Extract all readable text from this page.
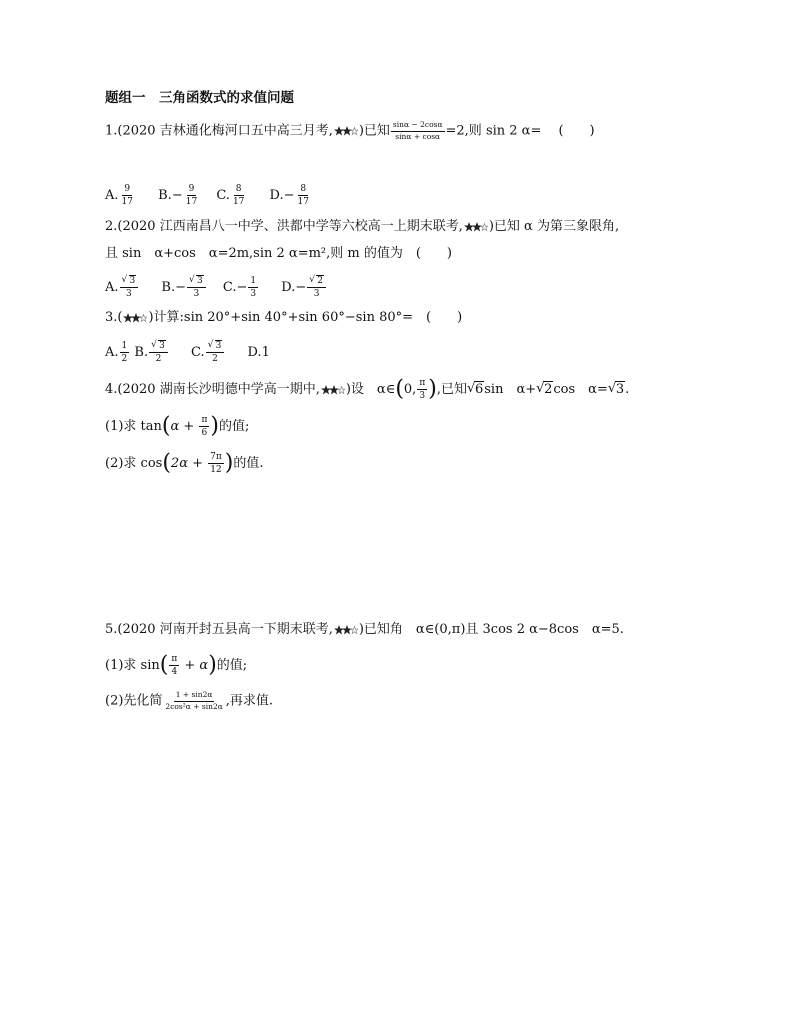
题组一　三角函数式的求值问题
1.(2020 吉林通化梅河口五中高三月考, )已知 $\frac{\sin\alpha - 2\cos\alpha}{\sin\alpha + \cos\alpha} =2$,则 sin 2 α=　 (　　)
A. $\frac{9}{17} B.- \frac{9}{17} C$. $\frac{8}{17} D.- \frac{8}{17}$
2.(2020 江西南昌八一中学、洪都中学等六校高一上期末联考, )已知 α 为第三象限角,
且 sin　α+cos　α=2m,sin 2 α=m²,则 m 的值为　(　　)
A. √ $\frac{3}{3} B.-$ √ $\frac{3}{3} C.- \frac{1}{3} D.-$ √ $\frac{2}{3}$
3.( )计算:sin 20°+sin 40°+sin 60°−sin 80°=　(　　)
A. $\frac{1}{2} B$. √ $\frac{3}{2} C$. √ $\frac{3}{2} D.1$
4.(2020 湖南长沙明德中学高一期中, )设　α∈(0, $\frac{\pi}{3}$ ),已知 √ 6sin　α+ √ 2cos　α= √ 3.
(1)求 $\tan(\alpha + \frac{\pi}{6}$ )的值;
(2)求 $\cos(2\alpha + \frac{7\pi}{12}$ )的值.
5.(2020 河南开封五县高一下期末联考, )已知角　α∈(0,π)且 3cos 2 α−8cos　α=5.
(1)求 $\sin( \frac{\pi}{4} + \alpha)$的值;
(2)先化简 $\frac{1 + \sin 2\alpha}{\text{2cos²α + sin2α}}$ ,再求值.
